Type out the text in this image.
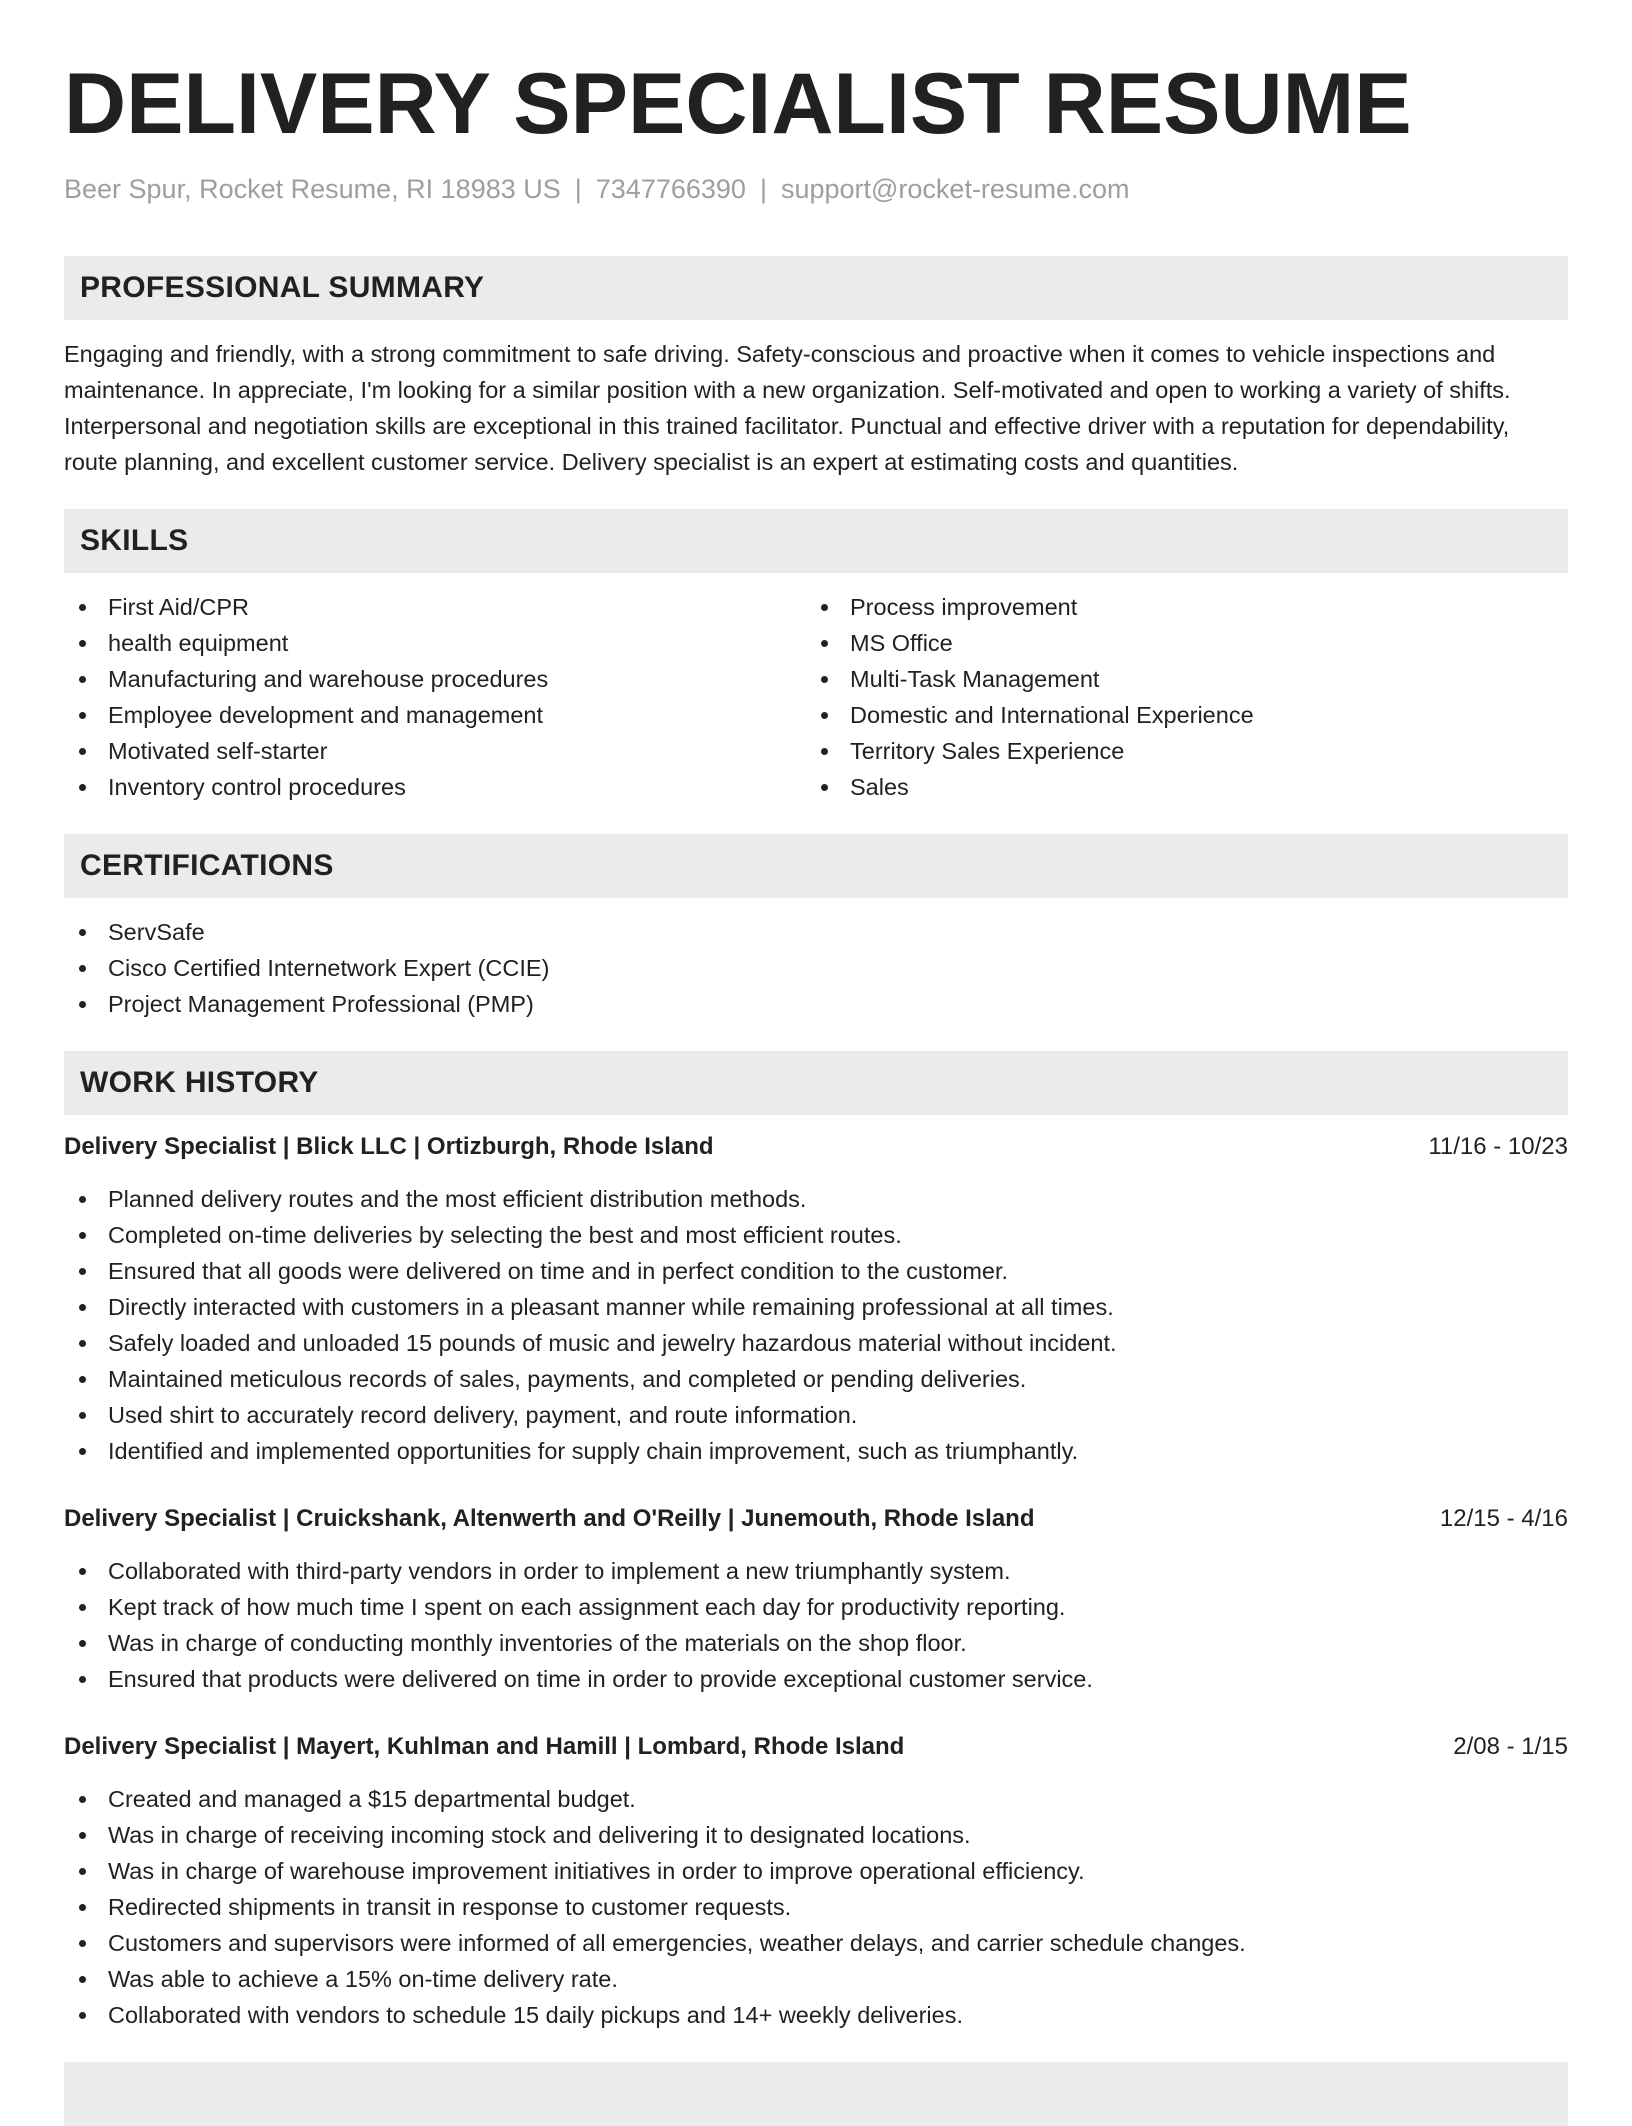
DELIVERY SPECIALIST RESUME
Beer Spur, Rocket Resume, RI 18983 US | 7347766390 | support@rocket-resume.com
PROFESSIONAL SUMMARY

Engaging and friendly, with a strong commitment to safe driving. Safety-conscious and proactive when it comes to vehicle inspections and maintenance. In appreciate, I'm looking for a similar position with a new organization. Self-motivated and open to working a variety of shifts. Interpersonal and negotiation skills are exceptional in this trained facilitator. Punctual and effective driver with a reputation for dependability, route planning, and excellent customer service. Delivery specialist is an expert at estimating costs and quantities.

SKILLS
First Aid/CPR
health equipment
Manufacturing and warehouse procedures
Employee development and management
Motivated self-starter
Inventory control procedures
Process improvement
MS Office
Multi-Task Management
Domestic and International Experience
Territory Sales Experience
Sales
CERTIFICATIONS
ServSafe
Cisco Certified Internetwork Expert (CCIE)
Project Management Professional (PMP)
WORK HISTORY
Delivery Specialist | Blick LLC | Ortizburgh, Rhode Island	11/16 - 10/23
Planned delivery routes and the most efficient distribution methods.
Completed on-time deliveries by selecting the best and most efficient routes.
Ensured that all goods were delivered on time and in perfect condition to the customer.
Directly interacted with customers in a pleasant manner while remaining professional at all times.
Safely loaded and unloaded 15 pounds of music and jewelry hazardous material without incident.
Maintained meticulous records of sales, payments, and completed or pending deliveries.
Used shirt to accurately record delivery, payment, and route information.
Identified and implemented opportunities for supply chain improvement, such as triumphantly.
Delivery Specialist | Cruickshank, Altenwerth and O'Reilly | Junemouth, Rhode Island	12/15 - 4/16
Collaborated with third-party vendors in order to implement a new triumphantly system.
Kept track of how much time I spent on each assignment each day for productivity reporting.
Was in charge of conducting monthly inventories of the materials on the shop floor.
Ensured that products were delivered on time in order to provide exceptional customer service.
Delivery Specialist | Mayert, Kuhlman and Hamill | Lombard, Rhode Island	2/08 - 1/15
Created and managed a $15 departmental budget.
Was in charge of receiving incoming stock and delivering it to designated locations.
Was in charge of warehouse improvement initiatives in order to improve operational efficiency.
Redirected shipments in transit in response to customer requests.
Customers and supervisors were informed of all emergencies, weather delays, and carrier schedule changes.
Was able to achieve a 15% on-time delivery rate.
Collaborated with vendors to schedule 15 daily pickups and 14+ weekly deliveries.
